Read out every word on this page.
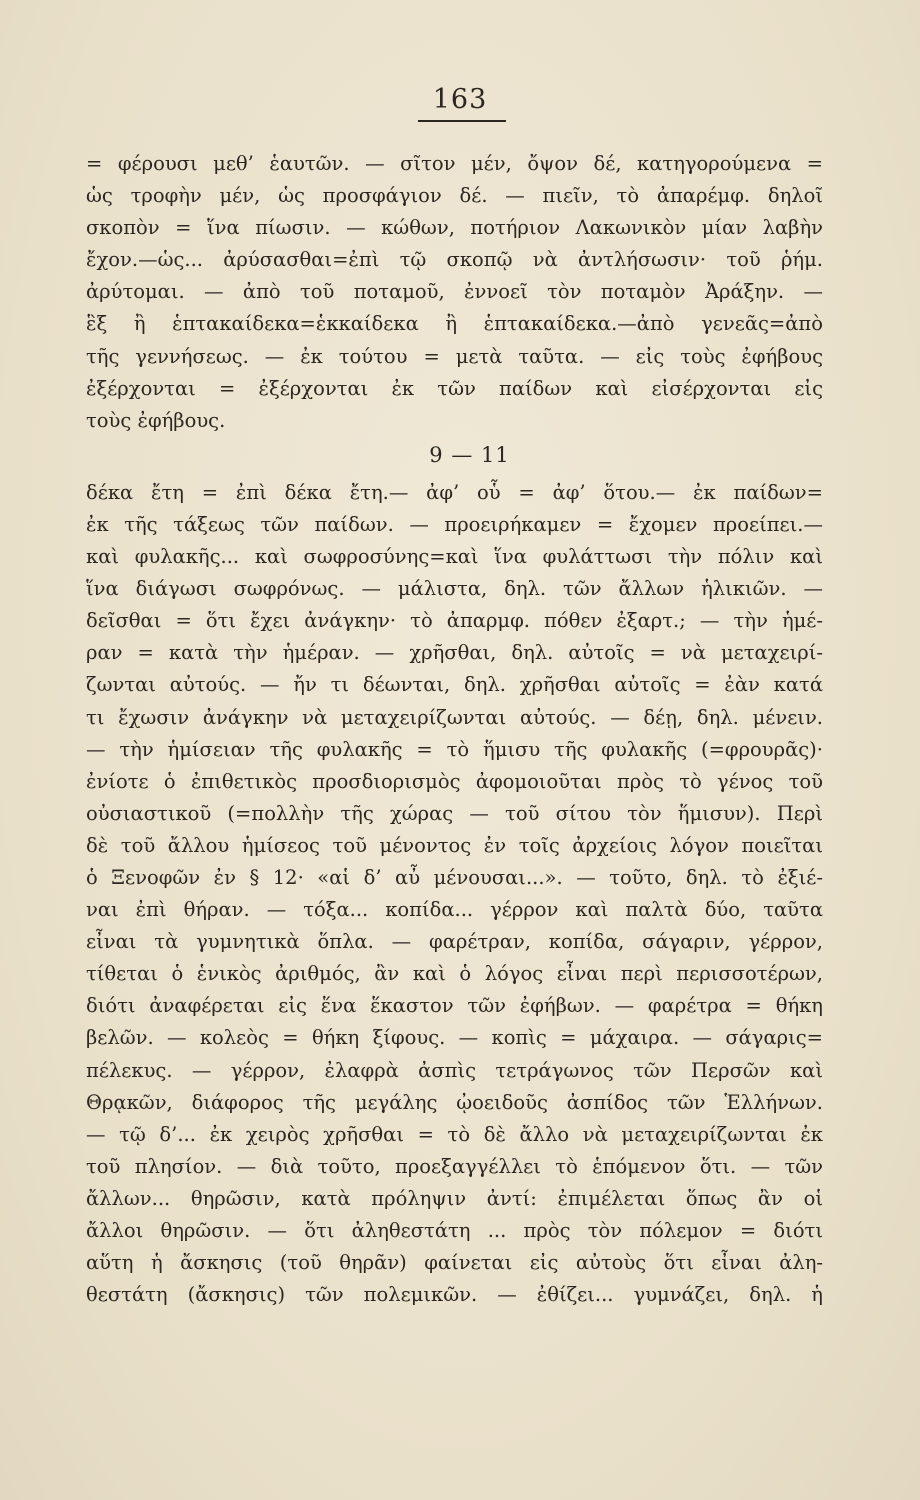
163
= φέρουσι μεθ’ ἑαυτῶν. — σῖτον μέν, ὄψον δέ, κατηγορούμενα =
ὡς τροφὴν μέν, ὡς προσφάγιον δέ. — πιεῖν, τὸ ἀπαρέμφ. δηλοῖ
σκοπὸν = ἵνα πίωσιν. — κώθων, ποτήριον Λακωνικὸν μίαν λαβὴν
ἔχον.—ὡς... ἀρύσασθαι=ἐπὶ τῷ σκοπῷ νὰ ἀντλήσωσιν· τοῦ ῥήμ.
ἀρύτομαι. — ἀπὸ τοῦ ποταμοῦ, ἐννοεῖ τὸν ποταμὸν Ἀράξην. —
ἓξ ἢ ἑπτακαίδεκα=ἑκκαίδεκα ἢ ἑπτακαίδεκα.—ἀπὸ γενεᾶς=ἀπὸ
τῆς γεννήσεως. — ἐκ τούτου = μετὰ ταῦτα. — εἰς τοὺς ἐφήβους
ἐξέρχονται = ἐξέρχονται ἐκ τῶν παίδων καὶ εἰσέρχονται εἰς
τοὺς ἐφήβους.
9 — 11
δέκα ἔτη = ἐπὶ δέκα ἔτη.— ἀφ’ οὗ = ἀφ’ ὅτου.— ἐκ παίδων=
ἐκ τῆς τάξεως τῶν παίδων. — προειρήκαμεν = ἔχομεν προείπει.—
καὶ φυλακῆς... καὶ σωφροσύνης=καὶ ἵνα φυλάττωσι τὴν πόλιν καὶ
ἵνα διάγωσι σωφρόνως. — μάλιστα, δηλ. τῶν ἄλλων ἡλικιῶν. —
δεῖσθαι = ὅτι ἔχει ἀνάγκην· τὸ ἀπαρμφ. πόθεν ἐξαρτ.; — τὴν ἡμέ-
ραν = κατὰ τὴν ἡμέραν. — χρῆσθαι, δηλ. αὐτοῖς = νὰ μεταχειρί-
ζωνται αὐτούς. — ἤν τι δέωνται, δηλ. χρῆσθαι αὐτοῖς = ἐὰν κατά
τι ἔχωσιν ἀνάγκην νὰ μεταχειρίζωνται αὐτούς. — δέῃ, δηλ. μένειν.
— τὴν ἡμίσειαν τῆς φυλακῆς = τὸ ἥμισυ τῆς φυλακῆς (=φρουρᾶς)·
ἐνίοτε ὁ ἐπιθετικὸς προσδιορισμὸς ἀφομοιοῦται πρὸς τὸ γένος τοῦ
οὐσιαστικοῦ (=πολλὴν τῆς χώρας — τοῦ σίτου τὸν ἥμισυν). Περὶ
δὲ τοῦ ἄλλου ἡμίσεος τοῦ μένοντος ἐν τοῖς ἀρχείοις λόγον ποιεῖται
ὁ Ξενοφῶν ἐν § 12· «αἱ δ’ αὖ μένουσαι...». — τοῦτο, δηλ. τὸ ἐξιέ-
ναι ἐπὶ θήραν. — τόξα... κοπίδα... γέρρον καὶ παλτὰ δύο, ταῦτα
εἶναι τὰ γυμνητικὰ ὅπλα. — φαρέτραν, κοπίδα, σάγαριν, γέρρον,
τίθεται ὁ ἑνικὸς ἀριθμός, ἂν καὶ ὁ λόγος εἶναι περὶ περισσοτέρων,
διότι ἀναφέρεται εἰς ἕνα ἕκαστον τῶν ἐφήβων. — φαρέτρα = θήκη
βελῶν. — κολεὸς = θήκη ξίφους. — κοπὶς = μάχαιρα. — σάγαρις=
πέλεκυς. — γέρρον, ἐλαφρὰ ἀσπὶς τετράγωνος τῶν Περσῶν καὶ
Θρᾳκῶν, διάφορος τῆς μεγάλης ᾠοειδοῦς ἀσπίδος τῶν Ἑλλήνων.
— τῷ δ’... ἐκ χειρὸς χρῆσθαι = τὸ δὲ ἄλλο νὰ μεταχειρίζωνται ἐκ
τοῦ πλησίον. — διὰ τοῦτο, προεξαγγέλλει τὸ ἑπόμενον ὅτι. — τῶν
ἄλλων... θηρῶσιν, κατὰ πρόληψιν ἀντί: ἐπιμέλεται ὅπως ἂν οἱ
ἄλλοι θηρῶσιν. — ὅτι ἀληθεστάτη ... πρὸς τὸν πόλεμον = διότι
αὕτη ἡ ἄσκησις (τοῦ θηρᾶν) φαίνεται εἰς αὐτοὺς ὅτι εἶναι ἀλη-
θεστάτη (ἄσκησις) τῶν πολεμικῶν. — ἐθίζει... γυμνάζει, δηλ. ἡ
